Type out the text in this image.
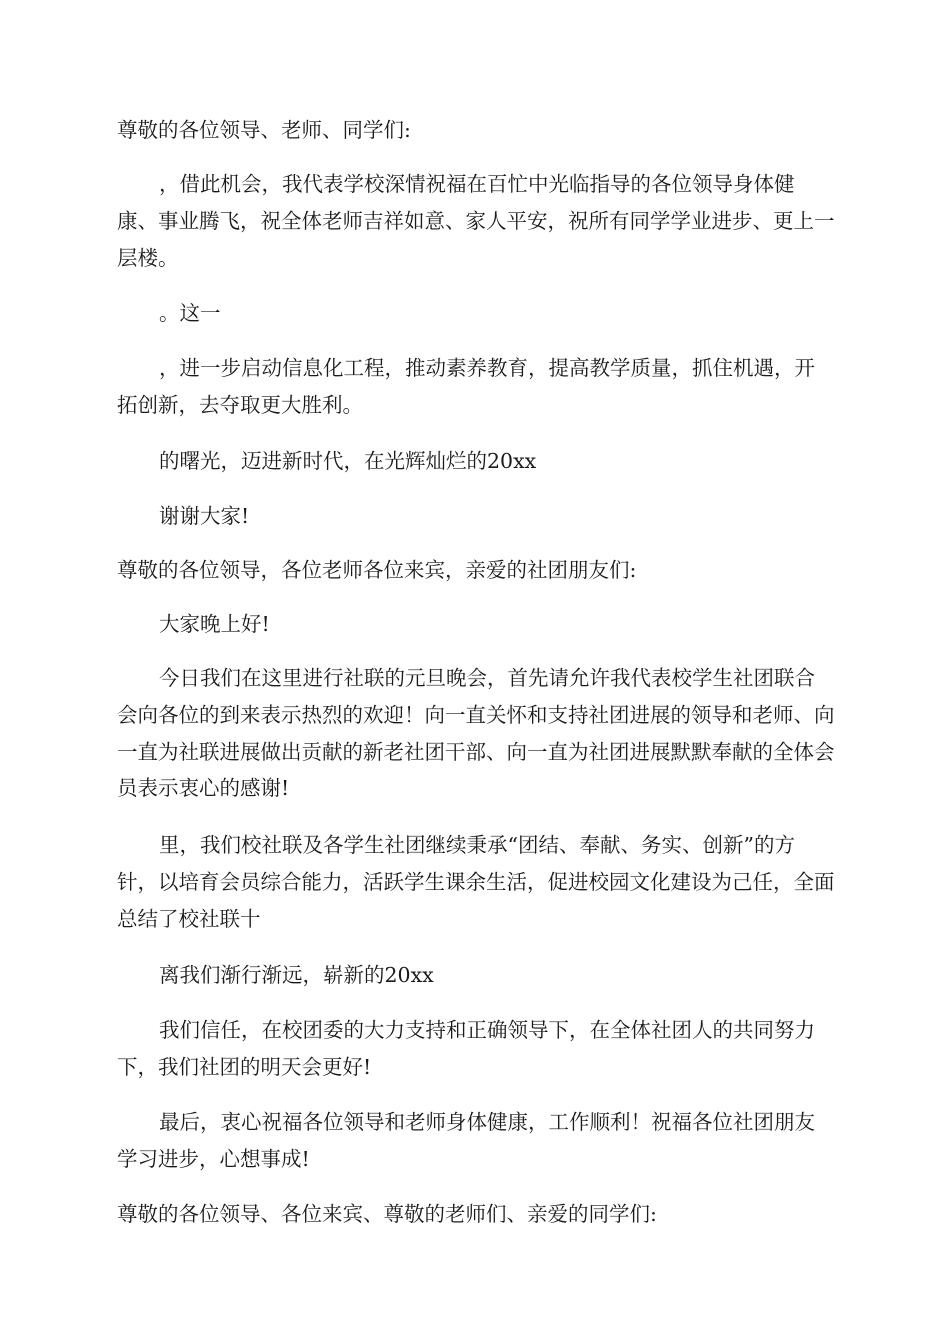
尊敬的各位领导、老师、同学们:

，借此机会，我代表学校深情祝福在百忙中光临指导的各位领导身体健康、事业腾飞，祝全体老师吉祥如意、家人平安，祝所有同学学业进步、更上一层楼。

。这一

，进一步启动信息化工程，推动素养教育，提高教学质量，抓住机遇，开拓创新，去夺取更大胜利。

的曙光，迈进新时代，在光辉灿烂的20xx

谢谢大家!

尊敬的各位领导，各位老师各位来宾，亲爱的社团朋友们:

大家晚上好!

今日我们在这里进行社联的元旦晚会，首先请允许我代表校学生社团联合会向各位的到来表示热烈的欢迎！向一直关怀和支持社团进展的领导和老师、向一直为社联进展做出贡献的新老社团干部、向一直为社团进展默默奉献的全体会员表示衷心的感谢!

里，我们校社联及各学生社团继续秉承“团结、奉献、务实、创新”的方针，以培育会员综合能力，活跃学生课余生活，促进校园文化建设为己任，全面总结了校社联十

离我们渐行渐远，崭新的20xx

我们信任，在校团委的大力支持和正确领导下，在全体社团人的共同努力下，我们社团的明天会更好!

最后，衷心祝福各位领导和老师身体健康，工作顺利！祝福各位社团朋友学习进步，心想事成!

尊敬的各位领导、各位来宾、尊敬的老师们、亲爱的同学们:
